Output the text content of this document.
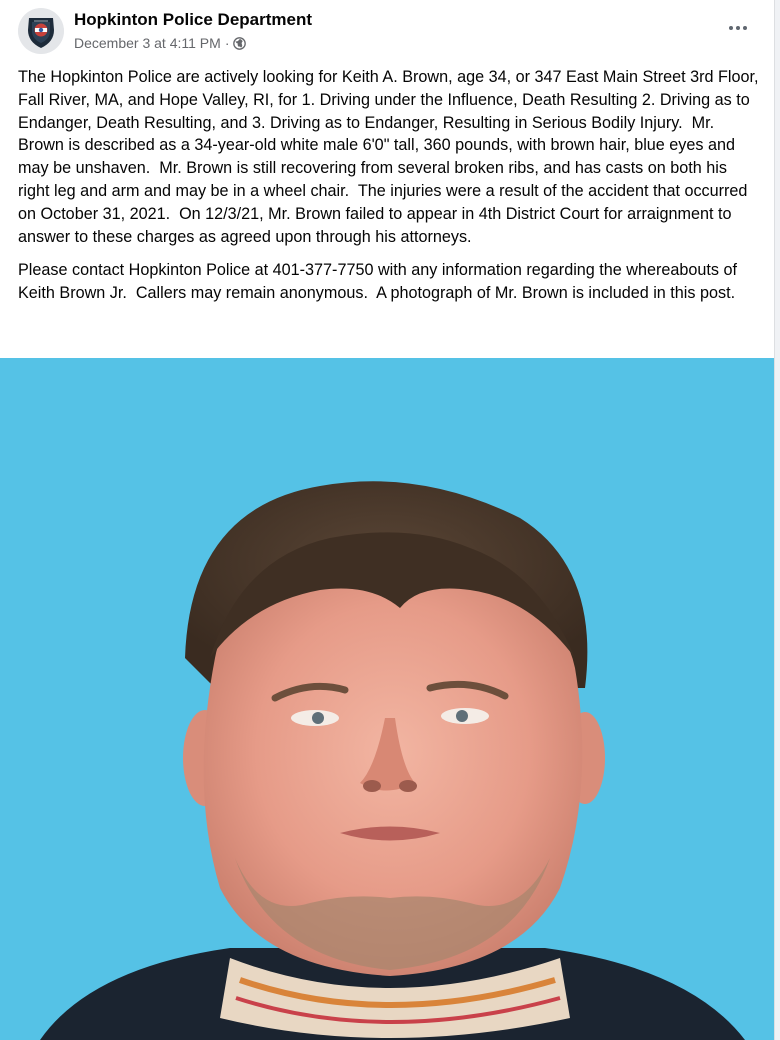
Hopkinton Police Department
December 3 at 4:11 PM ·

The Hopkinton Police are actively looking for Keith A. Brown, age 34, or 347 East Main Street 3rd Floor, Fall River, MA, and Hope Valley, RI, for 1. Driving under the Influence, Death Resulting 2. Driving as to Endanger, Death Resulting, and 3. Driving as to Endanger, Resulting in Serious Bodily Injury.  Mr. Brown is described as a 34-year-old white male 6'0" tall, 360 pounds, with brown hair, blue eyes and may be unshaven.  Mr. Brown is still recovering from several broken ribs, and has casts on both his right leg and arm and may be in a wheel chair.  The injuries were a result of the accident that occurred on October 31, 2021.  On 12/3/21, Mr. Brown failed to appear in 4th District Court for arraignment to answer to these charges as agreed upon through his attorneys.

Please contact Hopkinton Police at 401-377-7750 with any information regarding the whereabouts of Keith Brown Jr.  Callers may remain anonymous.  A photograph of Mr. Brown is included in this post.
